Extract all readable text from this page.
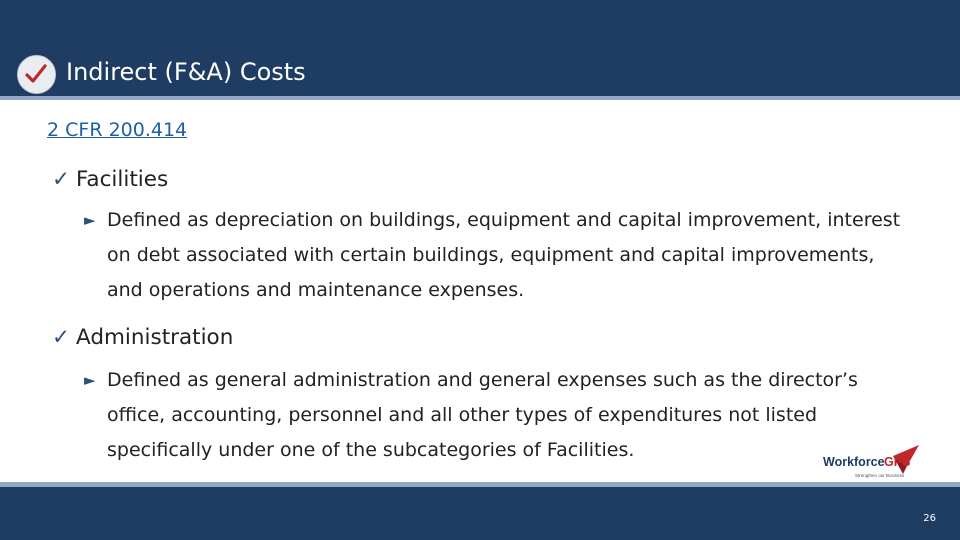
Indirect (F&A) Costs
2 CFR 200.414
✓ Facilities
► Defined as depreciation on buildings, equipment and capital improvement, interest on debt associated with certain buildings, equipment and capital improvements, and operations and maintenance expenses.
✓ Administration
► Defined as general administration and general expenses such as the director’s office, accounting, personnel and all other types of expenditures not listed specifically under one of the subcategories of Facilities.
Workforce GPS
Strengthen our Business
26
